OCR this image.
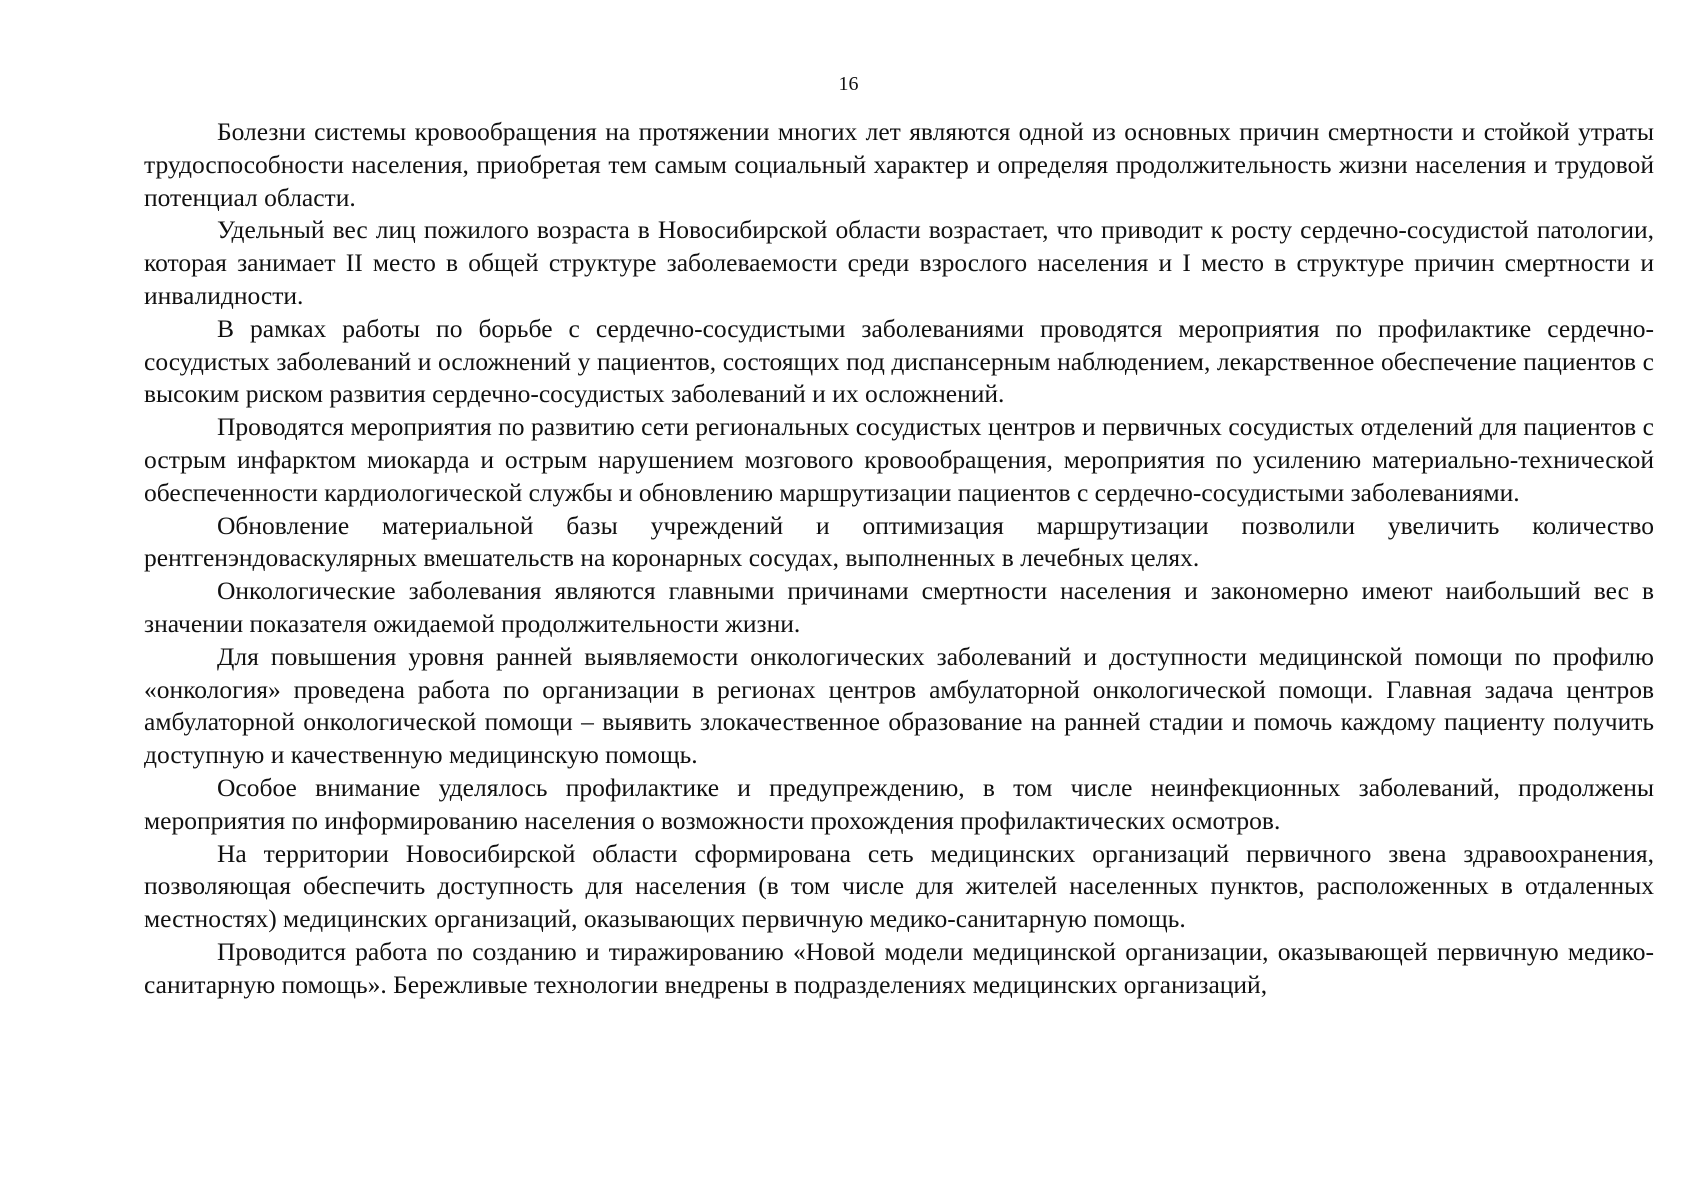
16

Болезни системы кровообращения на протяжении многих лет являются одной из основных причин смертности и стойкой утраты трудоспособности населения, приобретая тем самым социальный характер и определяя продолжительность жизни населения и трудовой потенциал области.

Удельный вес лиц пожилого возраста в Новосибирской области возрастает, что приводит к росту сердечно-сосудистой патологии, которая занимает II место в общей структуре заболеваемости среди взрослого населения и I место в структуре причин смертности и инвалидности.

В рамках работы по борьбе с сердечно-сосудистыми заболеваниями проводятся мероприятия по профилактике сердечно-сосудистых заболеваний и осложнений у пациентов, состоящих под диспансерным наблюдением, лекарственное обеспечение пациентов с высоким риском развития сердечно-сосудистых заболеваний и их осложнений.

Проводятся мероприятия по развитию сети региональных сосудистых центров и первичных сосудистых отделений для пациентов с острым инфарктом миокарда и острым нарушением мозгового кровообращения, мероприятия по усилению материально-технической обеспеченности кардиологической службы и обновлению маршрутизации пациентов с сердечно-сосудистыми заболеваниями.

Обновление материальной базы учреждений и оптимизация маршрутизации позволили увеличить количество рентгенэндоваскулярных вмешательств на коронарных сосудах, выполненных в лечебных целях.

Онкологические заболевания являются главными причинами смертности населения и закономерно имеют наибольший вес в значении показателя ожидаемой продолжительности жизни.

Для повышения уровня ранней выявляемости онкологических заболеваний и доступности медицинской помощи по профилю «онкология» проведена работа по организации в регионах центров амбулаторной онкологической помощи. Главная задача центров амбулаторной онкологической помощи – выявить злокачественное образование на ранней стадии и помочь каждому пациенту получить доступную и качественную медицинскую помощь.

Особое внимание уделялось профилактике и предупреждению, в том числе неинфекционных заболеваний, продолжены мероприятия по информированию населения о возможности прохождения профилактических осмотров.

На территории Новосибирской области сформирована сеть медицинских организаций первичного звена здравоохранения, позволяющая обеспечить доступность для населения (в том числе для жителей населенных пунктов, расположенных в отдаленных местностях) медицинских организаций, оказывающих первичную медико-санитарную помощь.

Проводится работа по созданию и тиражированию «Новой модели медицинской организации, оказывающей первичную медико-санитарную помощь». Бережливые технологии внедрены в подразделениях медицинских организаций,
